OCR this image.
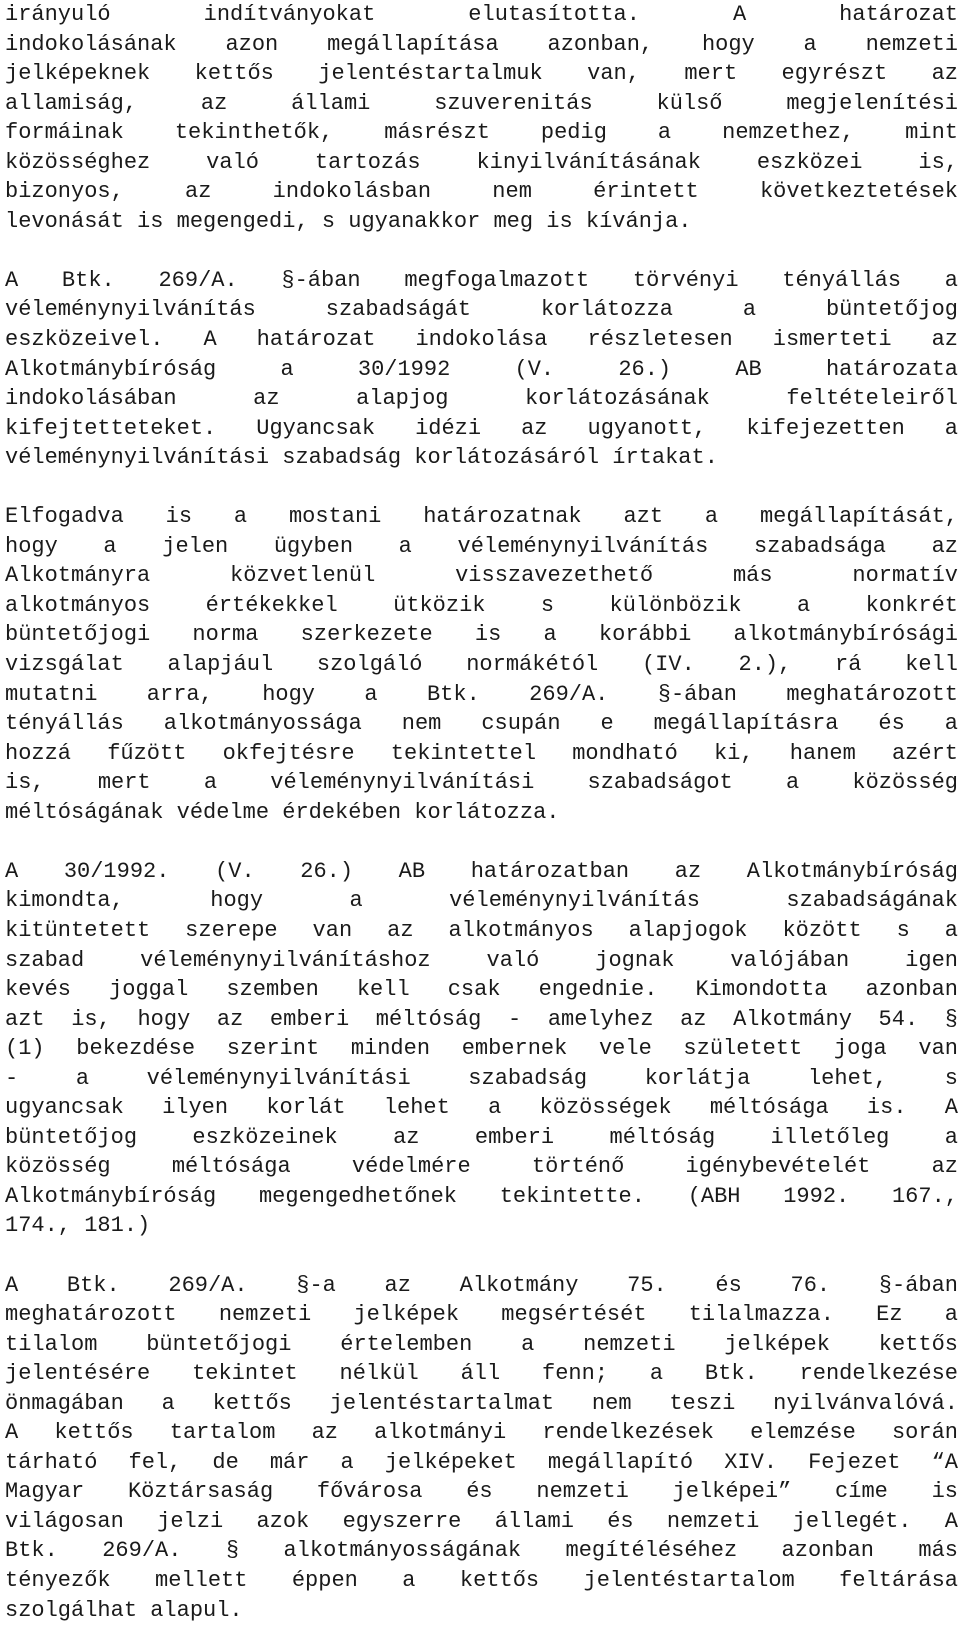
irányuló indítványokat elutasította. A határozat
indokolásának azon megállapítása azonban, hogy a nemzeti
jelképeknek kettős jelentéstartalmuk van, mert egyrészt az
allamiság, az állami szuverenitás külső megjelenítési
formáinak tekinthetők, másrészt pedig a nemzethez, mint
közösséghez való tartozás kinyilvánításának eszközei is,
bizonyos, az indokolásban nem érintett következtetések
levonását is megengedi, s ugyanakkor meg is kívánja.
A Btk. 269/A. §-ában megfogalmazott törvényi tényállás a
véleménynyilvánítás szabadságát korlátozza a büntetőjog
eszközeivel. A határozat indokolása részletesen ismerteti az
Alkotmánybíróság a 30/1992 (V. 26.) AB határozata
indokolásában az alapjog korlátozásának feltételeiről
kifejtetteteket. Ugyancsak idézi az ugyanott, kifejezetten a
véleménynyilvánítási szabadság korlátozásáról írtakat.
Elfogadva is a mostani határozatnak azt a megállapítását,
hogy a jelen ügyben a véleménynyilvánítás szabadsága az
Alkotmányra közvetlenül visszavezethető más normatív
alkotmányos értékekkel ütközik s különbözik a konkrét
büntetőjogi norma szerkezete is a korábbi alkotmánybírósági
vizsgálat alapjául szolgáló normákétól (IV. 2.), rá kell
mutatni arra, hogy a Btk. 269/A. §-ában meghatározott
tényállás alkotmányossága nem csupán e megállapításra és a
hozzá fűzött okfejtésre tekintettel mondható ki, hanem azért
is, mert a véleménynyilvánítási szabadságot a közösség
méltóságának védelme érdekében korlátozza.
A 30/1992. (V. 26.) AB határozatban az Alkotmánybíróság
kimondta, hogy a véleménynyilvánítás szabadságának
kitüntetett szerepe van az alkotmányos alapjogok között s a
szabad véleménynyilvánításhoz való jognak valójában igen
kevés joggal szemben kell csak engednie. Kimondotta azonban
azt is, hogy az emberi méltóság - amelyhez az Alkotmány 54. §
(1) bekezdése szerint minden embernek vele született joga van
- a véleménynyilvánítási szabadság korlátja lehet, s
ugyancsak ilyen korlát lehet a közösségek méltósága is. A
büntetőjog eszközeinek az emberi méltóság illetőleg a
közösség méltósága védelmére történő igénybevételét az
Alkotmánybíróság megengedhetőnek tekintette. (ABH 1992. 167.,
174., 181.)
A Btk. 269/A. §-a az Alkotmány 75. és 76. §-ában
meghatározott nemzeti jelképek megsértését tilalmazza. Ez a
tilalom büntetőjogi értelemben a nemzeti jelképek kettős
jelentésére tekintet nélkül áll fenn; a Btk. rendelkezése
önmagában a kettős jelentéstartalmat nem teszi nyilvánvalóvá.
A kettős tartalom az alkotmányi rendelkezések elemzése során
tárható fel, de már a jelképeket megállapító XIV. Fejezet “A
Magyar Köztársaság fővárosa és nemzeti jelképei” címe is
világosan jelzi azok egyszerre állami és nemzeti jellegét. A
Btk. 269/A. § alkotmányosságának megítéléséhez azonban más
tényezők mellett éppen a kettős jelentéstartalom feltárása
szolgálhat alapul.
